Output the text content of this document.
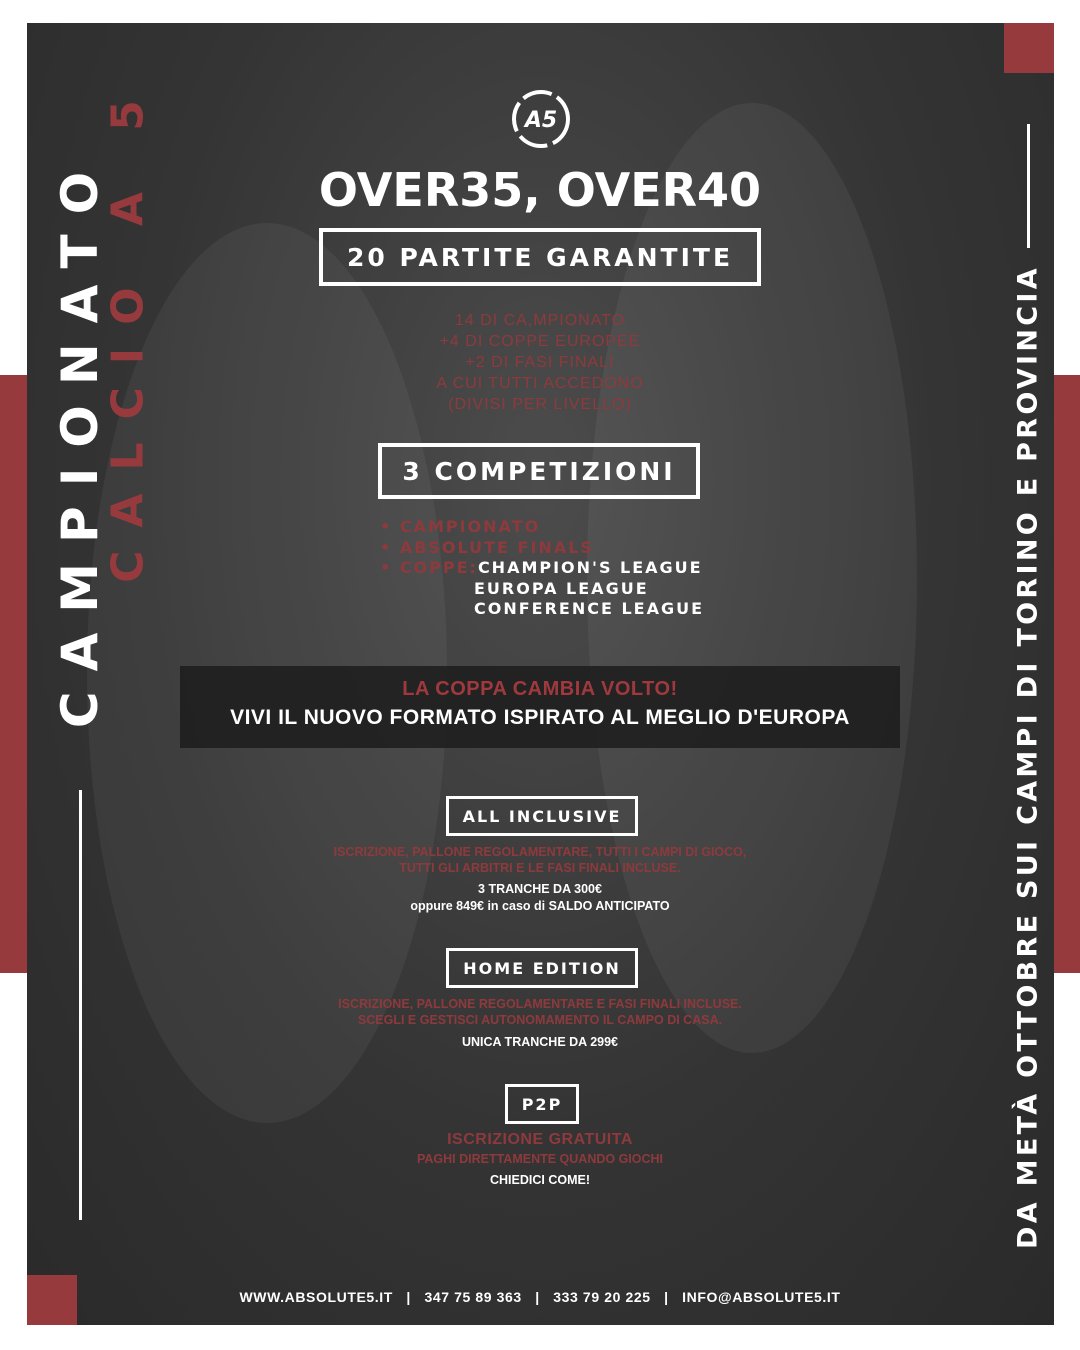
CAMPIONATO
CALCIO A 5	DA METÀ OTTOBRE SUI CAMPI DI TORINO E PROVINCIA
A5
OVER35, OVER40
20 PARTITE GARANTITE
14 DI CA,MPIONATO
+4 DI COPPE EUROPEE
+2 DI FASI FINALI
A CUI TUTTI ACCEDONO
(DIVISI PER LIVELLO)
3 COMPETIZIONI
• CAMPIONATO
• ABSOLUTE FINALS
• COPPE:CHAMPION'S LEAGUE
EUROPA LEAGUE
CONFERENCE LEAGUE
LA COPPA CAMBIA VOLTO!
VIVI IL NUOVO FORMATO ISPIRATO AL MEGLIO D'EUROPA
ALL INCLUSIVE
ISCRIZIONE, PALLONE REGOLAMENTARE, TUTTI I CAMPI DI GIOCO,
TUTTI GLI ARBITRI E LE FASI FINALI INCLUSE.
3 TRANCHE DA 300€
oppure 849€ in caso di SALDO ANTICIPATO
HOME EDITION
ISCRIZIONE, PALLONE REGOLAMENTARE E FASI FINALI INCLUSE.
SCEGLI E GESTISCI AUTONOMAMENTO IL CAMPO DI CASA.
UNICA TRANCHE DA 299€
P2P
ISCRIZIONE GRATUITA
PAGHI DIRETTAMENTE QUANDO GIOCHI
CHIEDICI COME!
WWW.ABSOLUTE5.IT | 347 75 89 363 | 333 79 20 225 | INFO@ABSOLUTE5.IT
